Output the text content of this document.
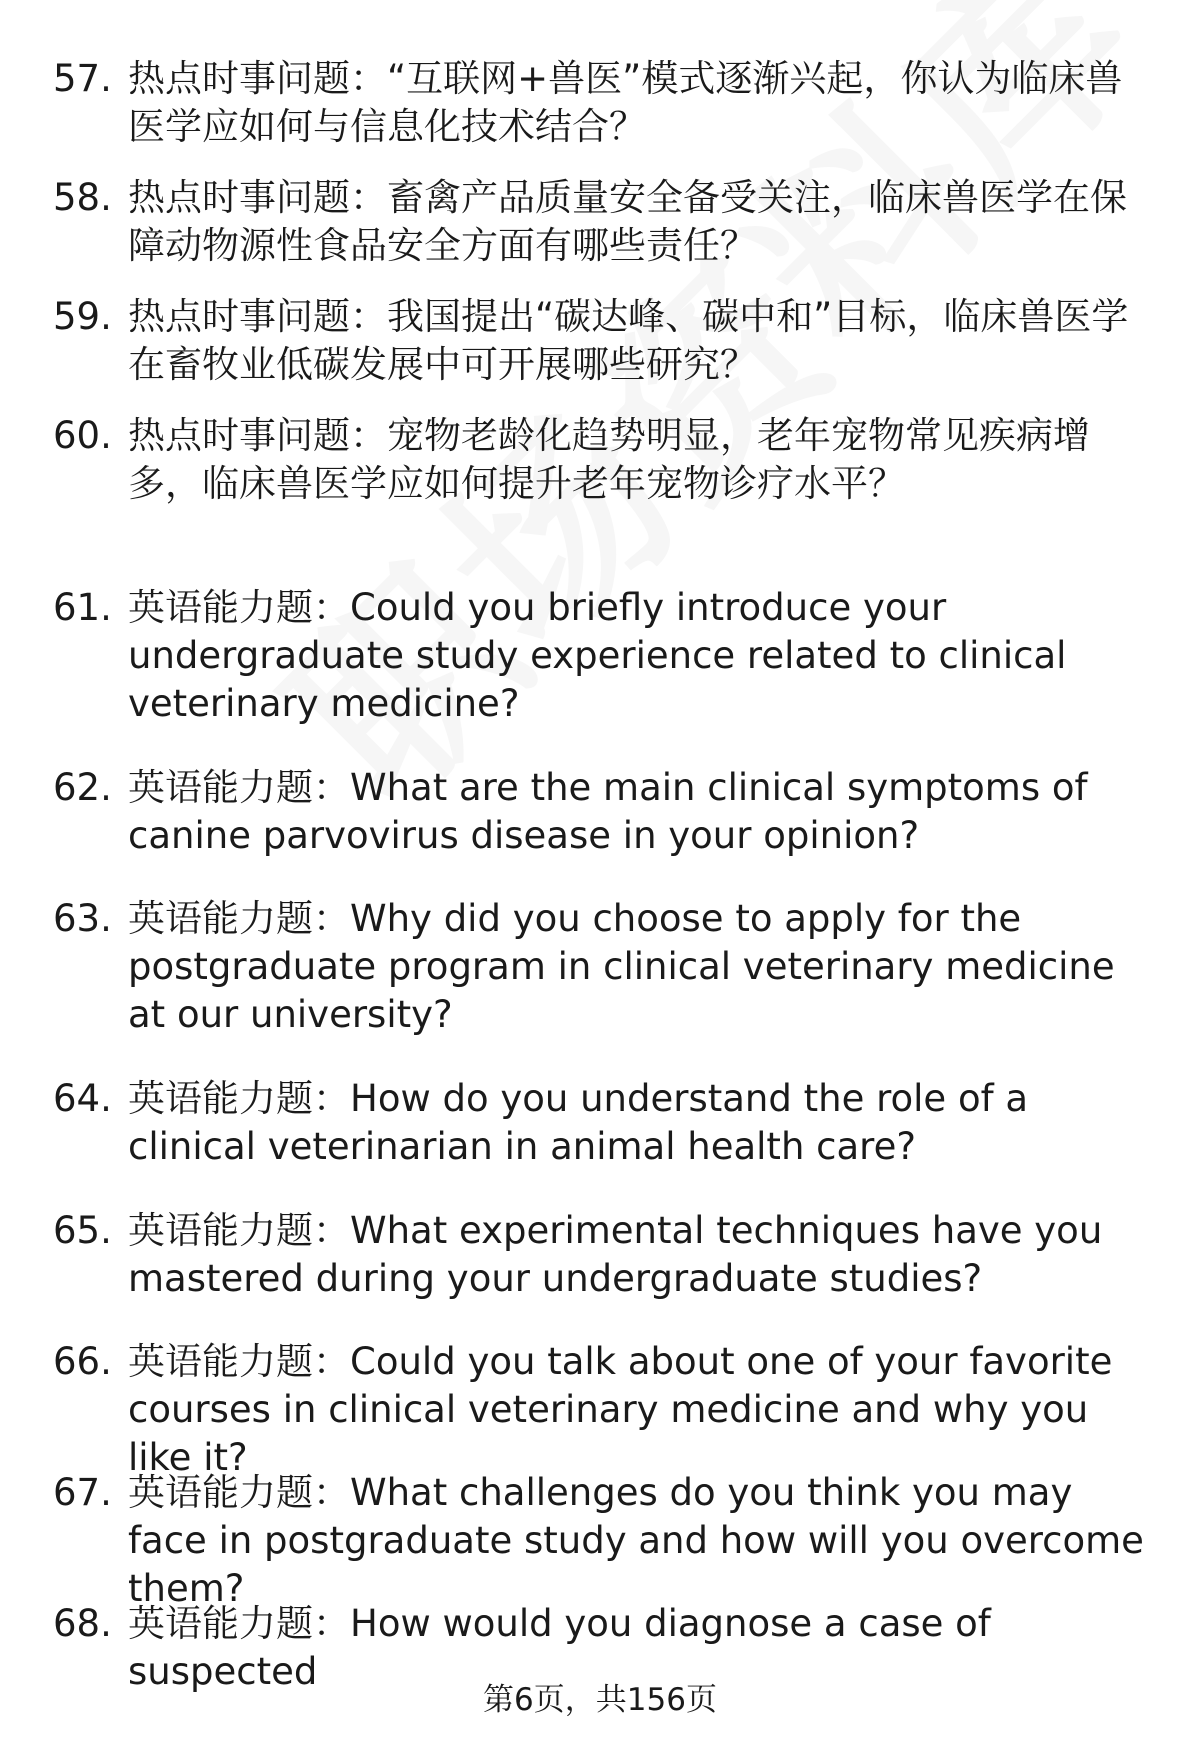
57. 热点时事问题：“互联网+兽医”模式逐渐兴起，你认为临床兽医学应如何与信息化技术结合？
58. 热点时事问题：畜禽产品质量安全备受关注，临床兽医学在保障动物源性食品安全方面有哪些责任？
59. 热点时事问题：我国提出“碳达峰、碳中和”目标，临床兽医学在畜牧业低碳发展中可开展哪些研究？
60. 热点时事问题：宠物老龄化趋势明显，老年宠物常见疾病增多，临床兽医学应如何提升老年宠物诊疗水平？
61. 英语能力题：Could you briefly introduce your undergraduate study experience related to clinical veterinary medicine?
62. 英语能力题：What are the main clinical symptoms of canine parvovirus disease in your opinion?
63. 英语能力题：Why did you choose to apply for the postgraduate program in clinical veterinary medicine at our university?
64. 英语能力题：How do you understand the role of a clinical veterinarian in animal health care?
65. 英语能力题：What experimental techniques have you mastered during your undergraduate studies?
66. 英语能力题：Could you talk about one of your favorite courses in clinical veterinary medicine and why you like it?
67. 英语能力题：What challenges do you think you may face in postgraduate study and how will you overcome them?
68. 英语能力题：How would you diagnose a case of suspected
第6页，共156页
